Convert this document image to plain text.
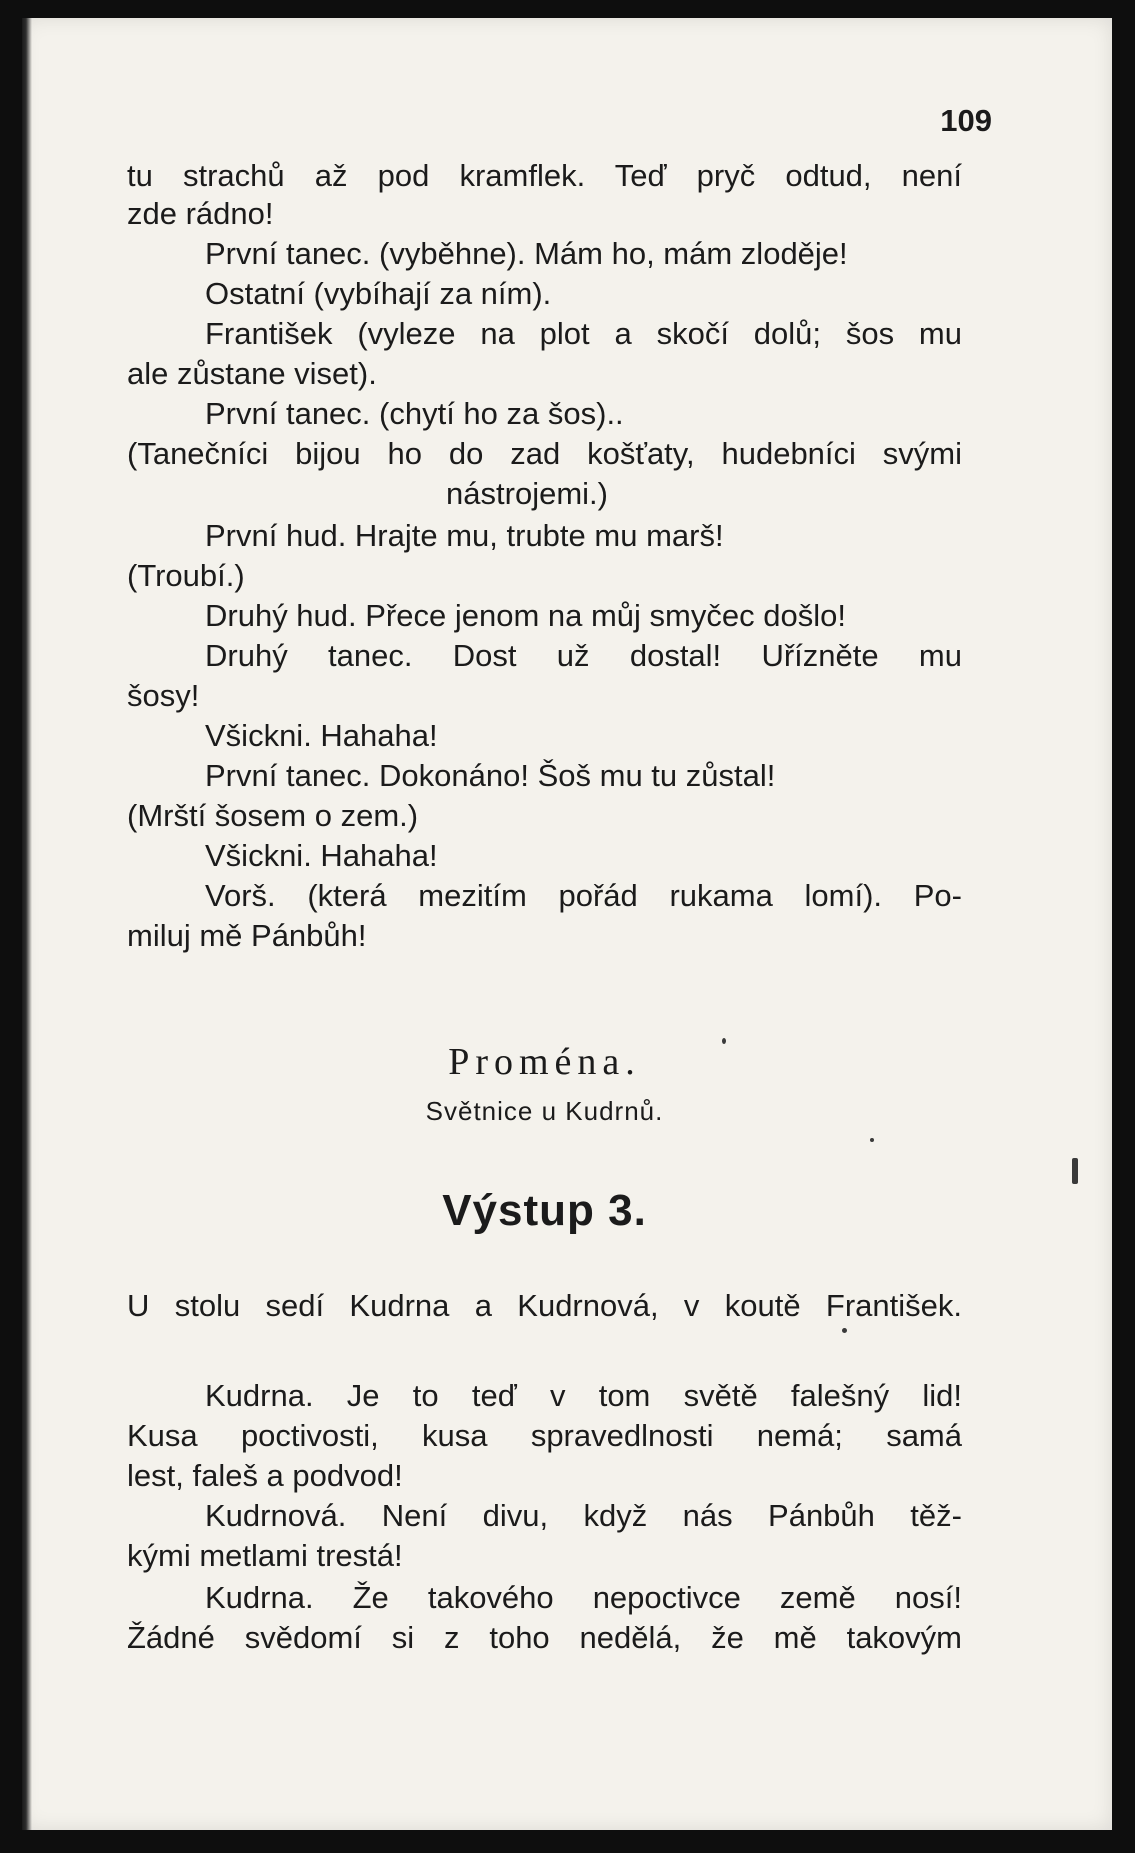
109
tu strachů až pod kramflek. Teď pryč odtud, není
zde rádno!
První tanec. (vyběhne). Mám ho, mám zloděje!
Ostatní (vybíhají za ním).
František (vyleze na plot a skočí dolů; šos mu
ale zůstane viset).
První tanec. (chytí ho za šos)..
(Tanečníci bijou ho do zad košťaty, hudebníci svými
nástrojemi.)
První hud. Hrajte mu, trubte mu marš!
(Troubí.)
Druhý hud. Přece jenom na můj smyčec došlo!
Druhý tanec. Dost už dostal! Uřízněte mu
šosy!
Všickni. Hahaha!
První tanec. Dokonáno! Šoš mu tu zůstal!
(Mrští šosem o zem.)
Všickni. Hahaha!
Vorš. (která mezitím pořád rukama lomí). Po-
miluj mě Pánbůh!
Proména.
Světnice u Kudrnů.
Výstup 3.
U stolu sedí Kudrna a Kudrnová, v koutě František.
Kudrna. Je to teď v tom světě falešný lid!
Kusa poctivosti, kusa spravedlnosti nemá; samá
lest, faleš a podvod!
Kudrnová. Není divu, když nás Pánbůh těž-
kými metlami trestá!
Kudrna. Že takového nepoctivce země nosí!
Žádné svědomí si z toho nedělá, že mě takovým
